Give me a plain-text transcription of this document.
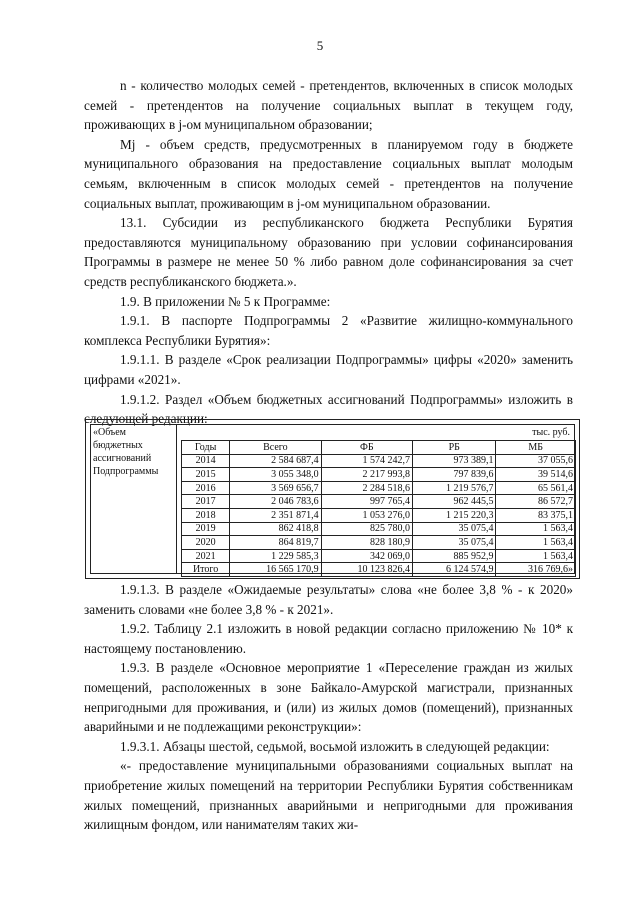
5

n - количество молодых семей - претендентов, включенных в список молодых семей - претендентов на получение социальных выплат в текущем году, проживающих в j-ом муниципальном образовании;

Mj - объем средств, предусмотренных в планируемом году в бюджете муниципального образования на предоставление социальных выплат молодым семьям, включенным в список молодых семей - претендентов на получение социальных выплат, проживающим в j-ом муниципальном образовании.

13.1. Субсидии из республиканского бюджета Республики Бурятия предоставляются муниципальному образованию при условии софинансирования Программы в размере не менее 50 % либо равном доле софинансирования за счет средств республиканского бюджета.».

1.9. В приложении № 5 к Программе:

1.9.1. В паспорте Подпрограммы 2 «Развитие жилищно-коммунального комплекса Республики Бурятия»:

1.9.1.1. В разделе «Срок реализации Подпрограммы» цифры «2020» заменить цифрами «2021».

1.9.1.2. Раздел «Объем бюджетных ассигнований Подпрограммы» изложить в следующей редакции:

«Объем
бюджетных
ассигнований
Подпрограммы
тыс. руб.
Годы	Всего	ФБ	РБ	МБ
2014	2 584 687,4	1 574 242,7	973 389,1	37 055,6
2015	3 055 348,0	2 217 993,8	797 839,6	39 514,6
2016	3 569 656,7	2 284 518,6	1 219 576,7	65 561,4
2017	2 046 783,6	997 765,4	962 445,5	86 572,7
2018	2 351 871,4	1 053 276,0	1 215 220,3	83 375,1
2019	862 418,8	825 780,0	35 075,4	1 563,4
2020	864 819,7	828 180,9	35 075,4	1 563,4
2021	1 229 585,3	342 069,0	885 952,9	1 563,4
Итого	16 565 170,9	10 123 826,4	6 124 574,9	316 769,6»

1.9.1.3. В разделе «Ожидаемые результаты» слова «не более 3,8 % - к 2020» заменить словами «не более 3,8 % - к 2021».

1.9.2. Таблицу 2.1 изложить в новой редакции согласно приложению № 10* к настоящему постановлению.

1.9.3. В разделе «Основное мероприятие 1 «Переселение граждан из жилых помещений, расположенных в зоне Байкало-Амурской магистрали, признанных непригодными для проживания, и (или) из жилых домов (помещений), признанных аварийными и не подлежащими реконструкции»:

1.9.3.1. Абзацы шестой, седьмой, восьмой изложить в следующей редакции:

«- предоставление муниципальными образованиями социальных выплат на приобретение жилых помещений на территории Республики Бурятия собственникам жилых помещений, признанных аварийными и непригодными для проживания жилищным фондом, или нанимателям таких жи-
